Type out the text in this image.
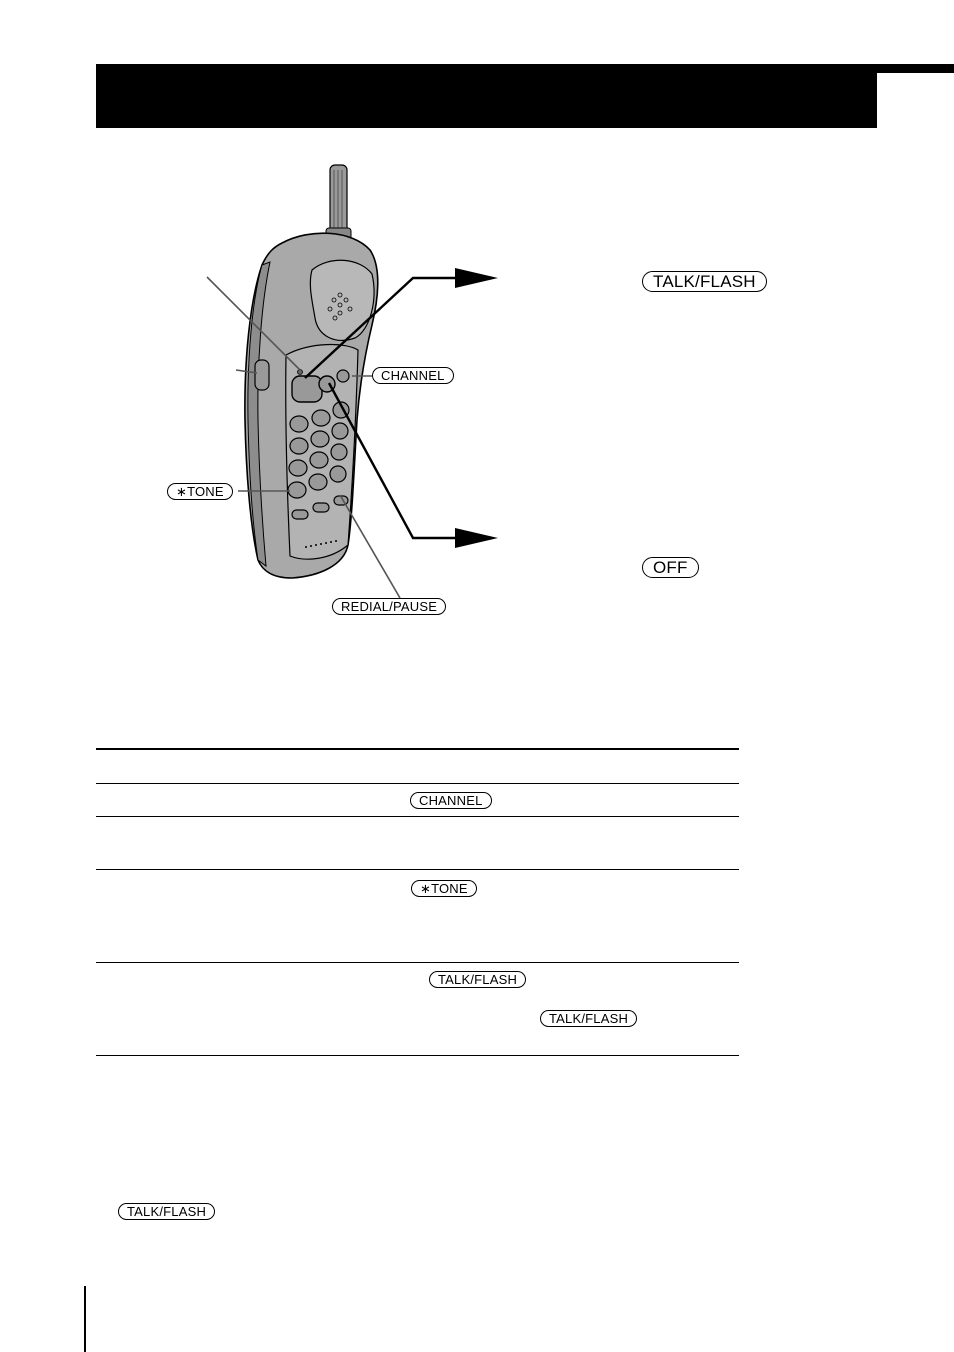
TALK/FLASH
CHANNEL
∗TONE
REDIAL/PAUSE
OFF
CHANNEL
∗TONE
TALK/FLASH
TALK/FLASH
TALK/FLASH
